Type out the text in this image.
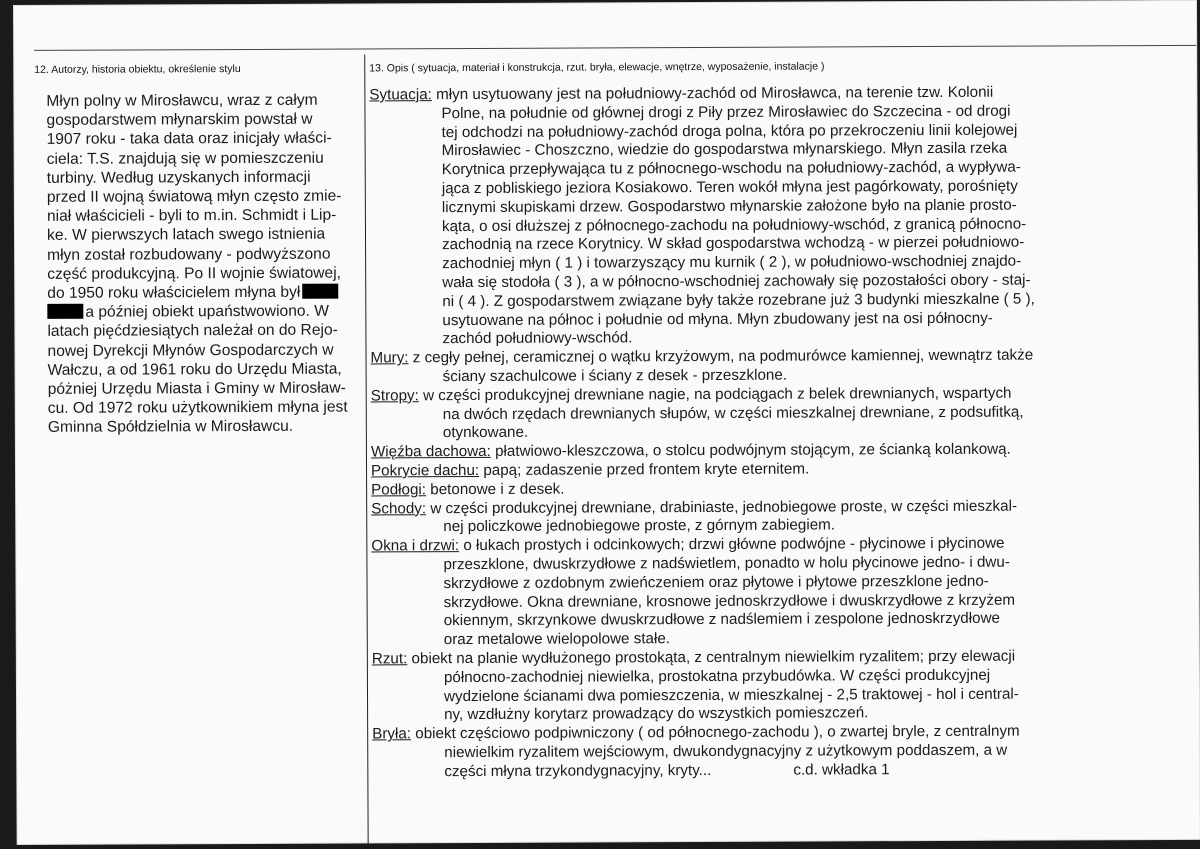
12. Autorzy, historia obiektu, określenie stylu	13. Opis ( sytuacja, materiał i konstrukcja, rzut. bryła, elewacje, wnętrze, wyposażenie, instalacje )
Młyn polny w Mirosławcu, wraz z całym
gospodarstwem młynarskim powstał w
1907 roku - taka data oraz inicjały właści-
ciela: T.S. znajdują się w pomieszczeniu
turbiny. Według uzyskanych informacji
przed II wojną światową młyn często zmie-
niał właścicieli - byli to m.in. Schmidt i Lip-
ke. W pierwszych latach swego istnienia
młyn został rozbudowany - podwyższono
część produkcyjną. Po II wojnie światowej,
do 1950 roku właścicielem młyna był
a później obiekt upaństwowiono. W
latach pięćdziesiątych należał on do Rejo-
nowej Dyrekcji Młynów Gospodarczych w
Wałczu, a od 1961 roku do Urzędu Miasta,
póżniej Urzędu Miasta i Gminy w Mirosław-
cu. Od 1972 roku użytkownikiem młyna jest
Gminna Spółdzielnia w Mirosławcu.
Sytuacja: młyn usytuowany jest na południowy-zachód od Mirosławca, na terenie tzw. Kolonii
Polne, na południe od głównej drogi z Piły przez Mirosławiec do Szczecina - od drogi
tej odchodzi na południowy-zachód droga polna, która po przekroczeniu linii kolejowej
Mirosławiec - Choszczno, wiedzie do gospodarstwa młynarskiego. Młyn zasila rzeka
Korytnica przepływająca tu z północnego-wschodu na południowy-zachód, a wypływa-
jąca z pobliskiego jeziora Kosiakowo. Teren wokół młyna jest pagórkowaty, porośnięty
licznymi skupiskami drzew. Gospodarstwo młynarskie założone było na planie prosto-
kąta, o osi dłuższej z północnego-zachodu na południowy-wschód, z granicą północno-
zachodnią na rzece Korytnicy. W skład gospodarstwa wchodzą - w pierzei południowo-
zachodniej młyn ( 1 ) i towarzyszący mu kurnik ( 2 ), w południowo-wschodniej znajdo-
wała się stodoła ( 3 ), a w północno-wschodniej zachowały się pozostałości obory - staj-
ni ( 4 ). Z gospodarstwem związane były także rozebrane już 3 budynki mieszkalne ( 5 ),
usytuowane na północ i południe od młyna. Młyn zbudowany jest na osi północny-
zachód południowy-wschód.
Mury: z cegły pełnej, ceramicznej o wątku krzyżowym, na podmurówce kamiennej, wewnątrz także
ściany szachulcowe i ściany z desek - przeszklone.
Stropy: w części produkcyjnej drewniane nagie, na podciągach z belek drewnianych, wspartych
na dwóch rzędach drewnianych słupów, w części mieszkalnej drewniane, z podsufitką,
otynkowane.
Więźba dachowa: płatwiowo-kleszczowa, o stolcu podwójnym stojącym, ze ścianką kolankową.
Pokrycie dachu: papą; zadaszenie przed frontem kryte eternitem.
Podłogi: betonowe i z desek.
Schody: w części produkcyjnej drewniane, drabiniaste, jednobiegowe proste, w części mieszkal-
nej policzkowe jednobiegowe proste, z górnym zabiegiem.
Okna i drzwi: o łukach prostych i odcinkowych; drzwi główne podwójne - płycinowe i płycinowe
przeszklone, dwuskrzydłowe z nadświetlem, ponadto w holu płycinowe jedno- i dwu-
skrzydłowe z ozdobnym zwieńczeniem oraz płytowe i płytowe przeszklone jedno-
skrzydłowe. Okna drewniane, krosnowe jednoskrzydłowe i dwuskrzydłowe z krzyżem
okiennym, skrzynkowe dwuskrzudłowe z nadślemiem i zespolone jednoskrzydłowe
oraz metalowe wielopolowe stałe.
Rzut: obiekt na planie wydłużonego prostokąta, z centralnym niewielkim ryzalitem; przy elewacji
północno-zachodniej niewielka, prostokatna przybudówka. W części produkcyjnej
wydzielone ścianami dwa pomieszczenia, w mieszkalnej - 2,5 traktowej - hol i central-
ny, wzdłużny korytarz prowadzący do wszystkich pomieszczeń.
Bryła: obiekt częściowo podpiwniczony ( od północnego-zachodu ), o zwartej bryle, z centralnym
niewielkim ryzalitem wejściowym, dwukondygnacyjny z użytkowym poddaszem, a w
części młyna trzykondygnacyjny, kryty...	c.d. wkładka 1
